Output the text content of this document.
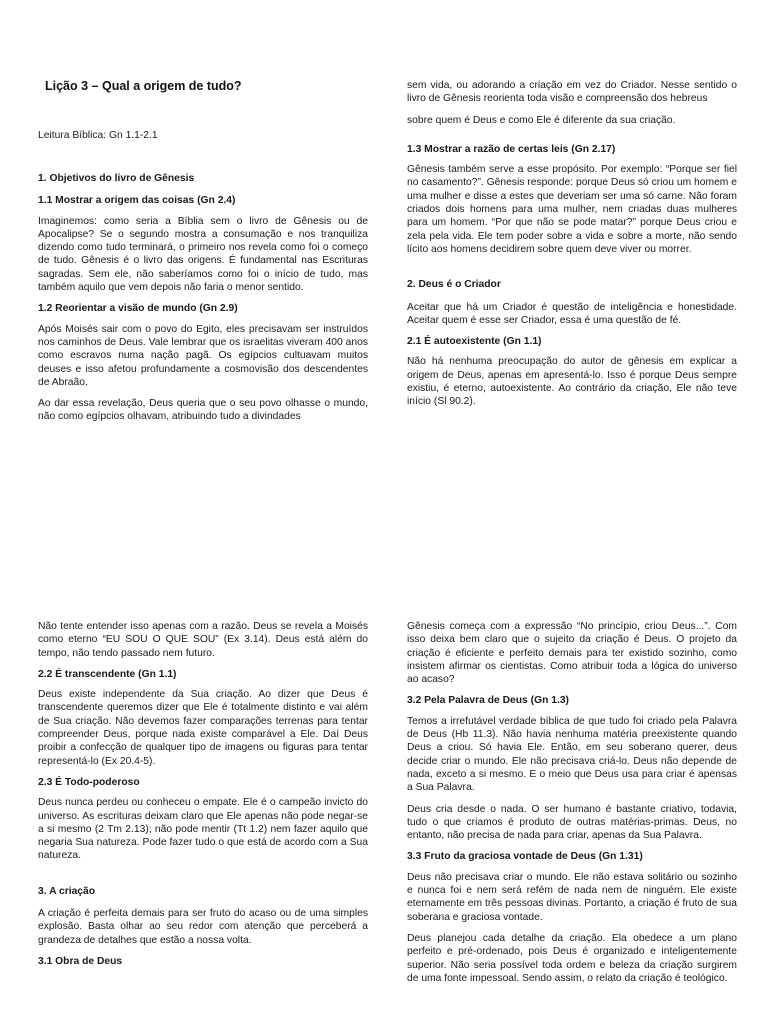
Lição 3 – Qual a origem de tudo?

Leitura Bíblica: Gn 1.1-2.1

1. Objetivos do livro de Gênesis
1.1 Mostrar a origem das coisas (Gn 2.4)

Imaginemos: como seria a Bíblia sem o livro de Gênesis ou de Apocalipse? Se o segundo mostra a consumação e nos tranquiliza dizendo como tudo terminará, o primeiro nos revela como foi o começo de tudo. Gênesis é o livro das origens. É fundamental nas Escrituras sagradas. Sem ele, não saberíamos como foi o início de tudo, mas também aquilo que vem depois não faria o menor sentido.

1.2 Reorientar a visão de mundo (Gn 2.9)

Após Moisés sair com o povo do Egito, eles precisavam ser instruídos nos caminhos de Deus. Vale lembrar que os israelitas viveram 400 anos como escravos numa nação pagã. Os egípcios cultuavam muitos deuses e isso afetou profundamente a cosmovisão dos descendentes de Abraão.

Ao dar essa revelação, Deus queria que o seu povo olhasse o mundo, não como egípcios olhavam, atribuindo tudo a divindades

sem vida, ou adorando a criação em vez do Criador. Nesse sentido o livro de Gênesis reorienta toda visão e compreensão dos hebreus

sobre quem é Deus e como Ele é diferente da sua criação.

1.3 Mostrar a razão de certas leis (Gn 2.17)

Gênesis também serve a esse propósito. Por exemplo: “Porque ser fiel no casamento?”. Gênesis responde: porque Deus só criou um homem e uma mulher e disse a estes que deveriam ser uma só carne. Não foram criados dois homens para uma mulher, nem criadas duas mulheres para um homem. “Por que não se pode matar?” porque Deus criou e zela pela vida. Ele tem poder sobre a vida e sobre a morte, não sendo lícito aos homens decidirem sobre quem deve viver ou morrer.

2. Deus é o Criador

Aceitar que há um Criador é questão de inteligência e honestidade. Aceitar quem é esse ser Criador, essa é uma questão de fé.

2.1 É autoexistente (Gn 1.1)

Não há nenhuma preocupação do autor de gênesis em explicar a origem de Deus, apenas em apresentá-lo. Isso é porque Deus sempre existiu, é eterno, autoexistente. Ao contrário da criação, Ele não teve início (Sl 90.2).

Não tente entender isso apenas com a razão. Deus se revela a Moisés como eterno “EU SOU O QUE SOU” (Ex 3.14). Deus está além do tempo, não tendo passado nem futuro.

2.2 É transcendente (Gn 1.1)

Deus existe independente da Sua criação. Ao dizer que Deus é transcendente queremos dizer que Ele é totalmente distinto e vai além de Sua criação. Não devemos fazer comparações terrenas para tentar compreender Deus, porque nada existe comparável a Ele. Daí Deus proibir a confecção de qualquer tipo de imagens ou figuras para tentar representá-lo (Ex 20.4-5).

2.3 É Todo-poderoso

Deus nunca perdeu ou conheceu o empate. Ele é o campeão invicto do universo. As escrituras deixam claro que Ele apenas não pode negar-se a si mesmo (2 Tm 2.13); não pode mentir (Tt 1.2) nem fazer aquilo que negaria Sua natureza. Pode fazer tudo o que está de acordo com a Sua natureza.

3. A criação

A criação é perfeita demais para ser fruto do acaso ou de uma simples explosão. Basta olhar ao seu redor com atenção que perceberá a grandeza de detalhes que estão a nossa volta.

3.1 Obra de Deus

Gênesis começa com a expressão “No princípio, criou Deus...”. Com isso deixa bem claro que o sujeito da criação é Deus. O projeto da criação é eficiente e perfeito demais para ter existido sozinho, como insistem afirmar os cientistas. Como atribuir toda a lógica do universo ao acaso?

3.2 Pela Palavra de Deus (Gn 1.3)

Temos a irrefutável verdade bíblica de que tudo foi criado pela Palavra de Deus (Hb 11.3). Não havia nenhuma matéria preexistente quando Deus a criou. Só havia Ele. Então, em seu soberano querer, deus decide criar o mundo. Ele não precisava criá-lo. Deus não depende de nada, exceto a si mesmo. E o meio que Deus usa para criar é apensas a Sua Palavra.

Deus cria desde o nada. O ser humano é bastante criativo, todavia, tudo o que criamos é produto de outras matérias-primas. Deus, no entanto, não precisa de nada para criar, apenas da Sua Palavra.

3.3 Fruto da graciosa vontade de Deus (Gn 1.31)

Deus não precisava criar o mundo. Ele não estava solitário ou sozinho e nunca foi e nem será refém de nada nem de ninguém. Ele existe eternamente em três pessoas divinas. Portanto, a criação é fruto de sua soberana e graciosa vontade.

Deus planejou cada detalhe da criação. Ela obedece a um plano perfeito e pré-ordenado, pois Deus é organizado e inteligentemente superior. Não seria possível toda ordem e beleza da criação surgirem de uma fonte impessoal. Sendo assim, o relato da criação é teológico.
